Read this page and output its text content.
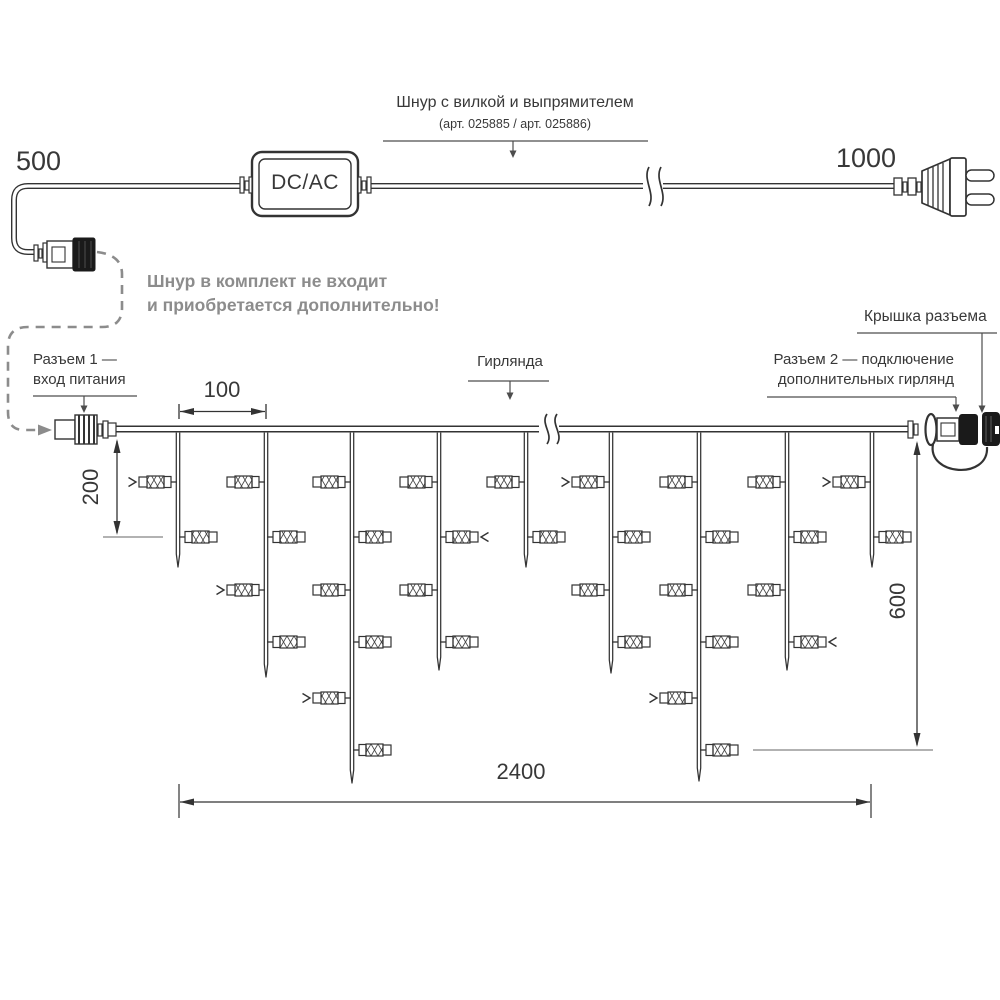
Шнур с вилкой и выпрямителем
(арт. 025885 / арт. 025886)
500	1000
DC/AC
Шнур в комплект не входит
и приобретается дополнительно!
Разъем 1 —
вход питания
Гирлянда	Разъем 2 — подключение
дополнительных гирлянд
Крышка разъема
100
200
600
2400
